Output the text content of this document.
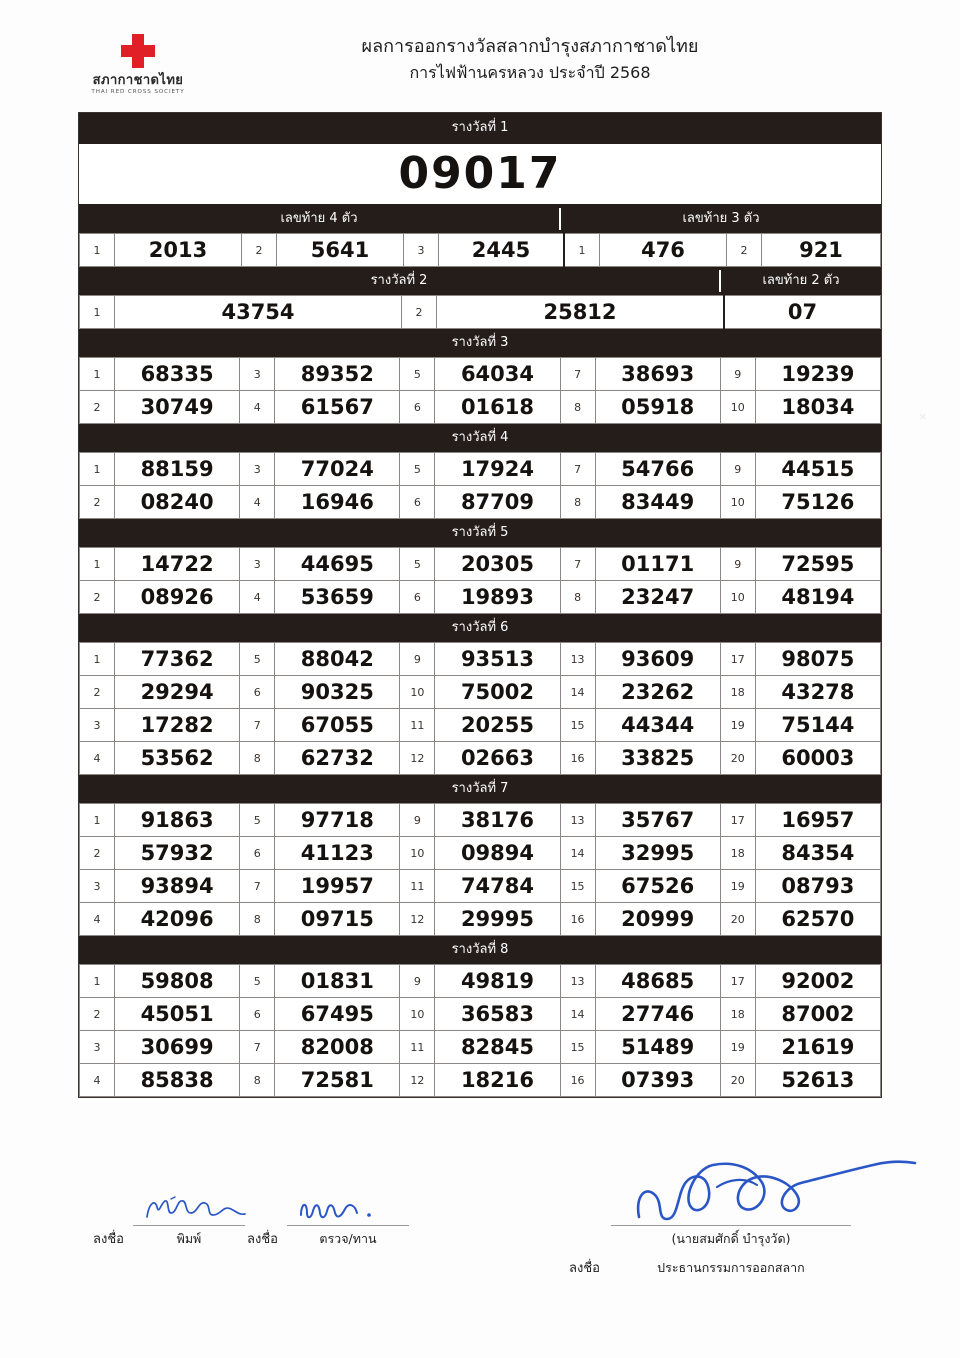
สภากาชาดไทย
THAI RED CROSS SOCIETY
ผลการออกรางวัลสลากบำรุงสภากาชาดไทย
การไฟฟ้านครหลวง ประจำปี 2568
รางวัลที่ 1
09017
เลขท้าย 4 ตัว	เลขท้าย 3 ตัว
1	2013	2	5641	3	2445	1	476	2	921
รางวัลที่ 2	เลขท้าย 2 ตัว
1	43754	2	25812	07
รางวัลที่ 3
1	68335	3	89352	5	64034	7	38693	9	19239
2	30749	4	61567	6	01618	8	05918	10	18034
รางวัลที่ 4
1	88159	3	77024	5	17924	7	54766	9	44515
2	08240	4	16946	6	87709	8	83449	10	75126
รางวัลที่ 5
1	14722	3	44695	5	20305	7	01171	9	72595
2	08926	4	53659	6	19893	8	23247	10	48194
รางวัลที่ 6
1	77362	5	88042	9	93513	13	93609	17	98075
2	29294	6	90325	10	75002	14	23262	18	43278
3	17282	7	67055	11	20255	15	44344	19	75144
4	53562	8	62732	12	02663	16	33825	20	60003
รางวัลที่ 7
1	91863	5	97718	9	38176	13	35767	17	16957
2	57932	6	41123	10	09894	14	32995	18	84354
3	93894	7	19957	11	74784	15	67526	19	08793
4	42096	8	09715	12	29995	16	20999	20	62570
รางวัลที่ 8
1	59808	5	01831	9	49819	13	48685	17	92002
2	45051	6	67495	10	36583	14	27746	18	87002
3	30699	7	82008	11	82845	15	51489	19	21619
4	85838	8	72581	12	18216	16	07393	20	52613
ลงชื่อ	พิมพ์	ลงชื่อ	ตรวจ/ทาน
ลงชื่อ	
(นายสมศักดิ์ บำรุงวัด)
ประธานกรรมการออกสลาก
×
